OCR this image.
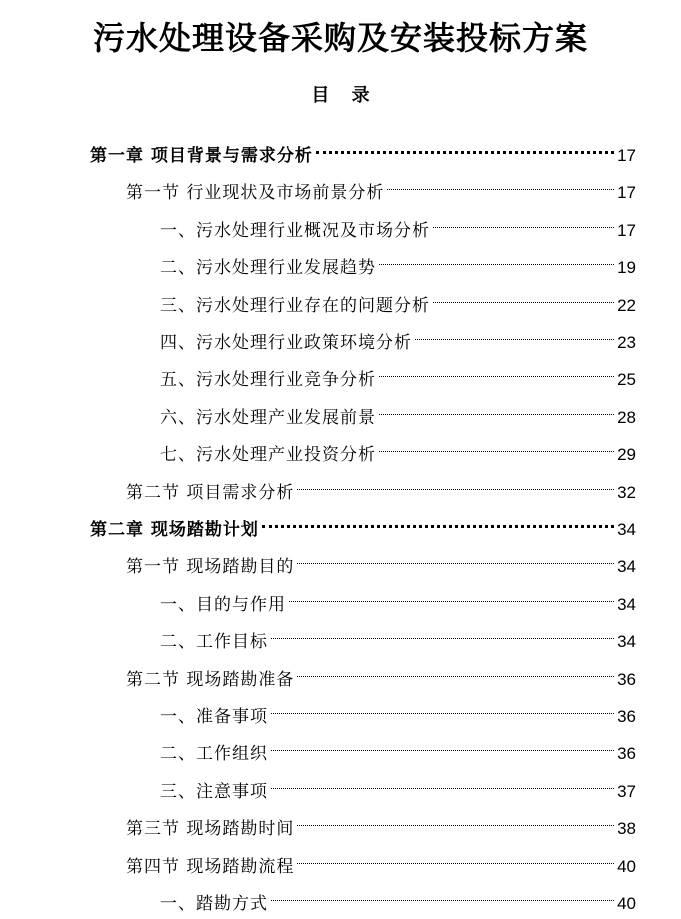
污水处理设备采购及安装投标方案
目 录
第一章 项目背景与需求分析	17
第一节 行业现状及市场前景分析	17
一、污水处理行业概况及市场分析	17
二、污水处理行业发展趋势	19
三、污水处理行业存在的问题分析	22
四、污水处理行业政策环境分析	23
五、污水处理行业竞争分析	25
六、污水处理产业发展前景	28
七、污水处理产业投资分析	29
第二节 项目需求分析	32
第二章 现场踏勘计划	34
第一节 现场踏勘目的	34
一、目的与作用	34
二、工作目标	34
第二节 现场踏勘准备	36
一、准备事项	36
二、工作组织	36
三、注意事项	37
第三节 现场踏勘时间	38
第四节 现场踏勘流程	40
一、踏勘方式	40
